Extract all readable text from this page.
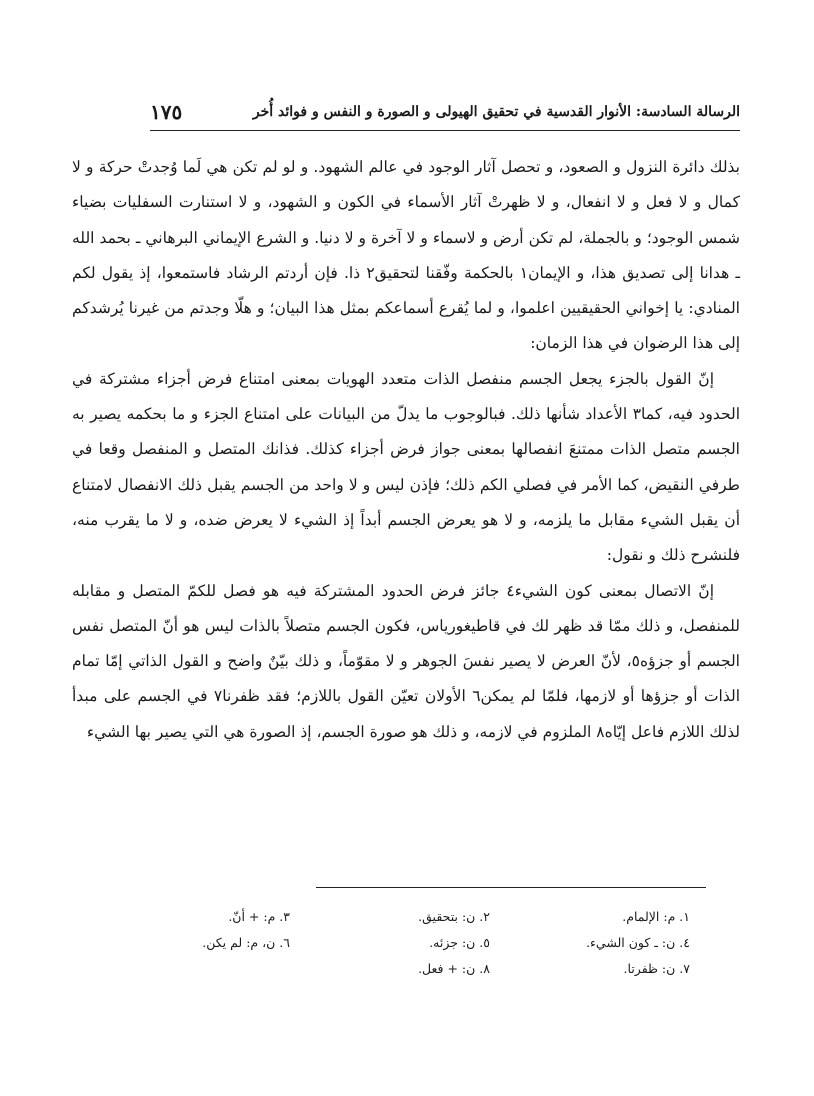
١٧٥	الرسالة السادسة: الأنوار القدسية في تحقيق الهيولى و الصورة و النفس و فوائد أُخر

بذلك دائرة النزول و الصعود، و تحصل آثار الوجود في عالم الشهود. و لو لم تكن هي لَما وُجدتْ حركة و لا كمال و لا فعل و لا انفعال، و لا ظهرتْ آثار الأسماء في الكون و الشهود، و لا استنارت السفليات بضياء شمس الوجود؛ و بالجملة، لم تكن أرض و لاسماء و لا آخرة و لا دنيا. و الشرع الإيماني البرهاني ـ بحمد الله ـ هدانا إلى تصديق هذا، و الإيمان١ بالحكمة وفّقنا لتحقيق٢ ذا. فإن أردتم الرشاد فاستمعوا، إذ يقول لكم المنادي: يا إخواني الحقيقيين اعلموا، و لما يُقرع أسماعكم بمثل هذا البيان؛ و هلّا وجدتم من غيرنا يُرشدكم إلى هذا الرضوان في هذا الزمان:

إنّ القول بالجزء يجعل الجسم منفصل الذات متعدد الهويات بمعنى امتناع فرض أجزاء مشتركة في الحدود فيه، كما٣ الأعداد شأنها ذلك. فبالوجوب ما يدلّ من البيانات على امتناع الجزء و ما بحكمه يصير به الجسم متصل الذات ممتنعَ انفصالها بمعنى جواز فرض أجزاء كذلك. فذانك المتصل و المنفصل وقعا في طرفي النقيض، كما الأمر في فصلي الكم ذلك؛ فإذن ليس و لا واحد من الجسم يقبل ذلك الانفصال لامتناع أن يقبل الشيء مقابل ما يلزمه، و لا هو يعرض الجسم أبداً إذ الشيء لا يعرض ضده، و لا ما يقرب منه، فلنشرح ذلك و نقول:

إنّ الاتصال بمعنى كون الشيء٤ جائز فرض الحدود المشتركة فيه هو فصل للكمّ المتصل و مقابله للمنفصل، و ذلك ممّا قد ظهر لك في قاطيغورياس، فكون الجسم متصلاً بالذات ليس هو أنّ المتصل نفس الجسم أو جزؤه٥، لأنّ العرض لا يصير نفسَ الجوهر و لا مقوّماً، و ذلك بيّنٌ واضح و القول الذاتي إمّا تمام الذات أو جزؤها أو لازمها، فلمّا لم يمكن٦ الأولان تعيّن القول باللازم؛ فقد ظفرنا٧ في الجسم على مبدأ لذلك اللازم فاعل إيّاه٨ الملزوم في لازمه، و ذلك هو صورة الجسم، إذ الصورة هي التي يصير بها الشيء

١. م: الإلمام.
٢. ن: بتحقيق.
٣. م: + أنّ.
٤. ن: ـ كون الشيء.
٥. ن: جزئه.
٦. ن، م: لم يكن.
٧. ن: ظفرتا.
٨. ن: + فعل.
